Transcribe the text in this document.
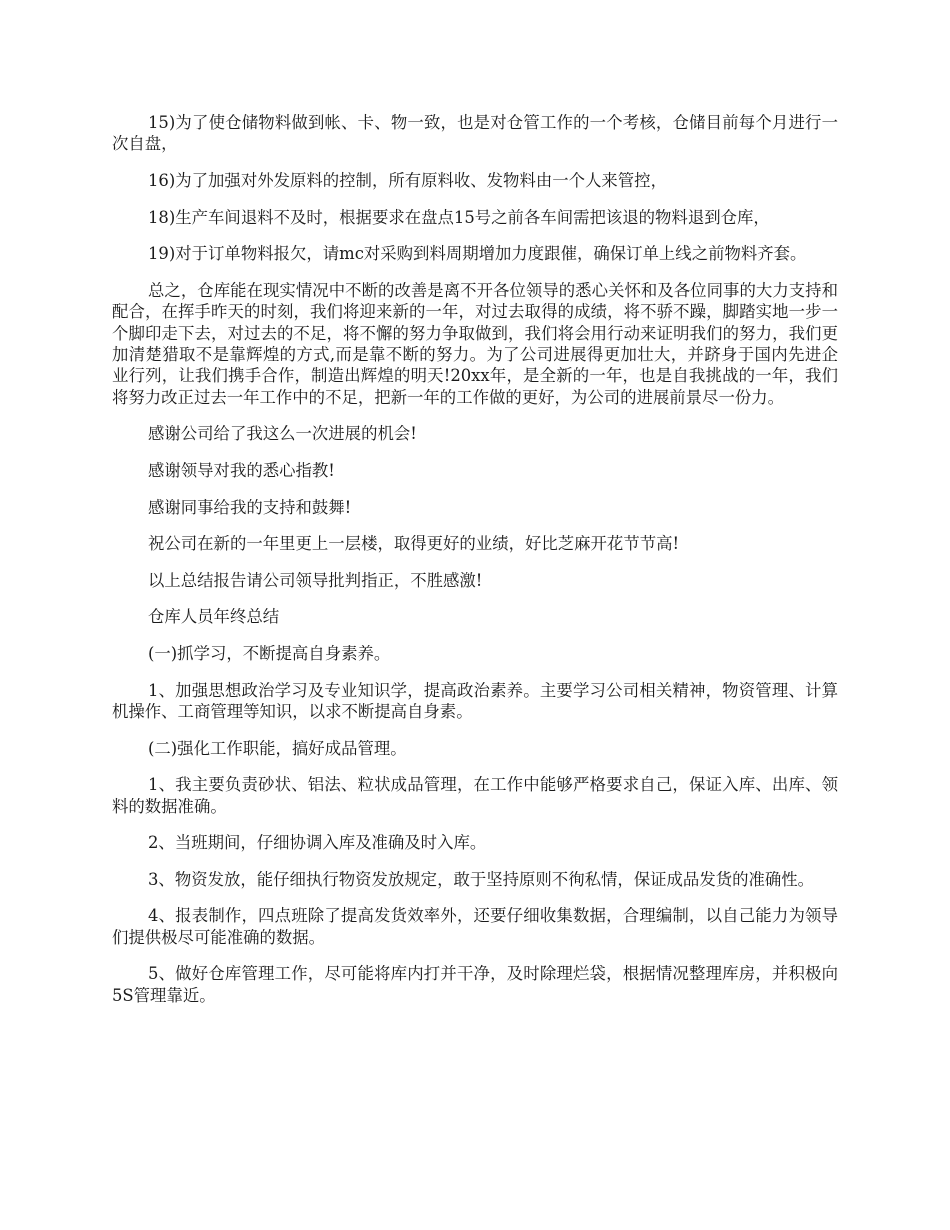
15)为了使仓储物料做到帐、卡、物一致，也是对仓管工作的一个考核，仓储目前每个月进行一次自盘，

16)为了加强对外发原料的控制，所有原料收、发物料由一个人来管控，

18)生产车间退料不及时，根据要求在盘点15号之前各车间需把该退的物料退到仓库，

19)对于订单物料报欠，请mc对采购到料周期增加力度跟催，确保订单上线之前物料齐套。

总之，仓库能在现实情况中不断的改善是离不开各位领导的悉心关怀和及各位同事的大力支持和配合，在挥手昨天的时刻，我们将迎来新的一年，对过去取得的成绩，将不骄不躁，脚踏实地一步一个脚印走下去，对过去的不足，将不懈的努力争取做到，我们将会用行动来证明我们的努力，我们更加清楚猎取不是靠辉煌的方式,而是靠不断的努力。为了公司进展得更加壮大，并跻身于国内先进企业行列，让我们携手合作，制造出辉煌的明天!20xx年，是全新的一年，也是自我挑战的一年，我们将努力改正过去一年工作中的不足，把新一年的工作做的更好，为公司的进展前景尽一份力。

感谢公司给了我这么一次进展的机会!

感谢领导对我的悉心指教!

感谢同事给我的支持和鼓舞!

祝公司在新的一年里更上一层楼，取得更好的业绩，好比芝麻开花节节高!

以上总结报告请公司领导批判指正，不胜感激!

仓库人员年终总结

(一)抓学习，不断提高自身素养。

1、加强思想政治学习及专业知识学，提高政治素养。主要学习公司相关精神，物资管理、计算机操作、工商管理等知识，以求不断提高自身素。

(二)强化工作职能，搞好成品管理。

1、我主要负责砂状、铝法、粒状成品管理，在工作中能够严格要求自己，保证入库、出库、领料的数据准确。

2、当班期间，仔细协调入库及准确及时入库。

3、物资发放，能仔细执行物资发放规定，敢于坚持原则不徇私情，保证成品发货的准确性。

4、报表制作，四点班除了提高发货效率外，还要仔细收集数据，合理编制，以自己能力为领导们提供极尽可能准确的数据。

5、做好仓库管理工作，尽可能将库内打并干净，及时除理烂袋，根据情况整理库房，并积极向5S管理靠近。
